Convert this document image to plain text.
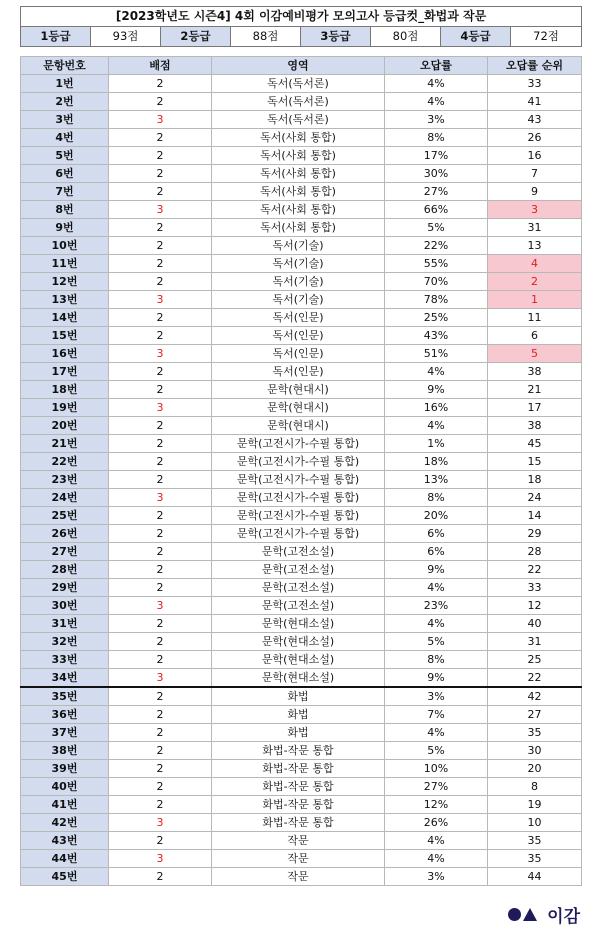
[2023학년도 시즌4] 4회 이감예비평가 모의고사 등급컷_화법과 작문
1등급	93점	2등급	88점	3등급	80점	4등급	72점
문항번호	배점	영역	오답률	오답률 순위
1번	2	독서(독서론)	4%	33
2번	2	독서(독서론)	4%	41
3번	3	독서(독서론)	3%	43
4번	2	독서(사회 통합)	8%	26
5번	2	독서(사회 통합)	17%	16
6번	2	독서(사회 통합)	30%	7
7번	2	독서(사회 통합)	27%	9
8번	3	독서(사회 통합)	66%	3
9번	2	독서(사회 통합)	5%	31
10번	2	독서(기술)	22%	13
11번	2	독서(기술)	55%	4
12번	2	독서(기술)	70%	2
13번	3	독서(기술)	78%	1
14번	2	독서(인문)	25%	11
15번	2	독서(인문)	43%	6
16번	3	독서(인문)	51%	5
17번	2	독서(인문)	4%	38
18번	2	문학(현대시)	9%	21
19번	3	문학(현대시)	16%	17
20번	2	문학(현대시)	4%	38
21번	2	문학(고전시가-수필 통합)	1%	45
22번	2	문학(고전시가-수필 통합)	18%	15
23번	2	문학(고전시가-수필 통합)	13%	18
24번	3	문학(고전시가-수필 통합)	8%	24
25번	2	문학(고전시가-수필 통합)	20%	14
26번	2	문학(고전시가-수필 통합)	6%	29
27번	2	문학(고전소설)	6%	28
28번	2	문학(고전소설)	9%	22
29번	2	문학(고전소설)	4%	33
30번	3	문학(고전소설)	23%	12
31번	2	문학(현대소설)	4%	40
32번	2	문학(현대소설)	5%	31
33번	2	문학(현대소설)	8%	25
34번	3	문학(현대소설)	9%	22
35번	2	화법	3%	42
36번	2	화법	7%	27
37번	2	화법	4%	35
38번	2	화법-작문 통합	5%	30
39번	2	화법-작문 통합	10%	20
40번	2	화법-작문 통합	27%	8
41번	2	화법-작문 통합	12%	19
42번	3	화법-작문 통합	26%	10
43번	2	작문	4%	35
44번	3	작문	4%	35
45번	2	작문	3%	44
이감
